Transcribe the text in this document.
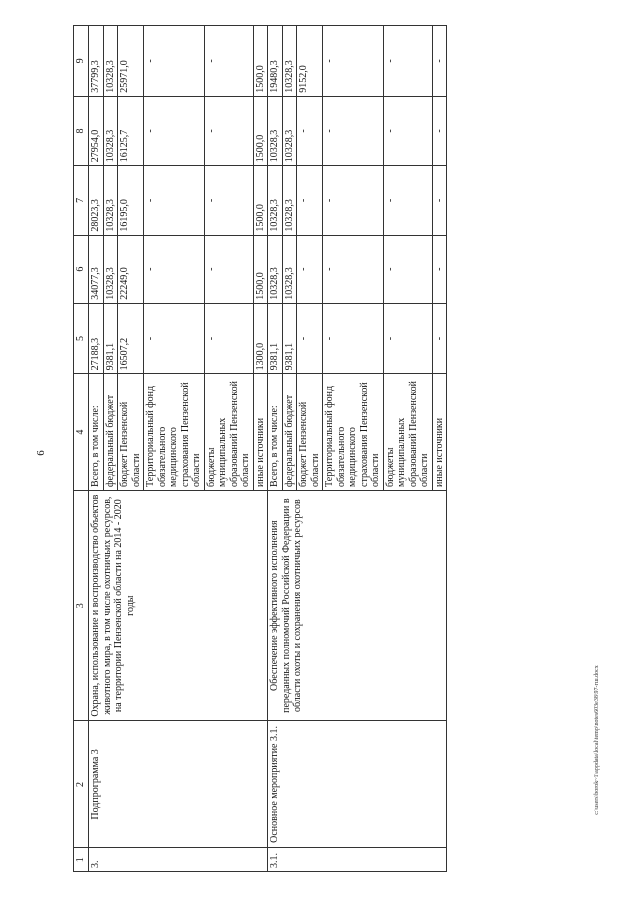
6
1	2	3	4	5	6	7	8	9
3.	Подпрограмма 3	Охрана, использование и воспроизводство объектов животного мира, в том числе охотничьих ресурсов, на территории Пензенской области на 2014 - 2020 годы	Всего, в том числе:	27188,3	34077,3	28023,3	27954,0	37799,3
			федеральный бюджет	9381,1	10328,3	10328,3	10328,3	10328,3
			бюджет Пензенской области	16507,2	22249,0	16195,0	16125,7	25971,0
			Территориальный фонд обязательного медицинского страхования Пензенской области	-	-	-	-	-
			бюджеты муниципальных образований Пензенской области	-	-	-	-	-
			иные источники	1300,0	1500,0	1500,0	1500,0	1500,0
3.1.	Основное мероприятие 3.1.	Обеспечение эффективного исполнения переданных полномочий Российской Федерации в области охоты и сохранения охотничьих ресурсов	Всего, в том числе:	9381,1	10328,3	10328,3	10328,3	19480,3
			федеральный бюджет	9381,1	10328,3	10328,3	10328,3	10328,3
			бюджет Пензенской области	-	-	-	-	9152,0
			Территориальный фонд обязательного медицинского страхования Пензенской области	-	-	-	-	-
			бюджеты муниципальных образований Пензенской области	-	-	-	-	-
			иные источники	-	-	-	-	-
c:\users\borok~1\appdata\local\temp\notes603e38\97-гш.docx
